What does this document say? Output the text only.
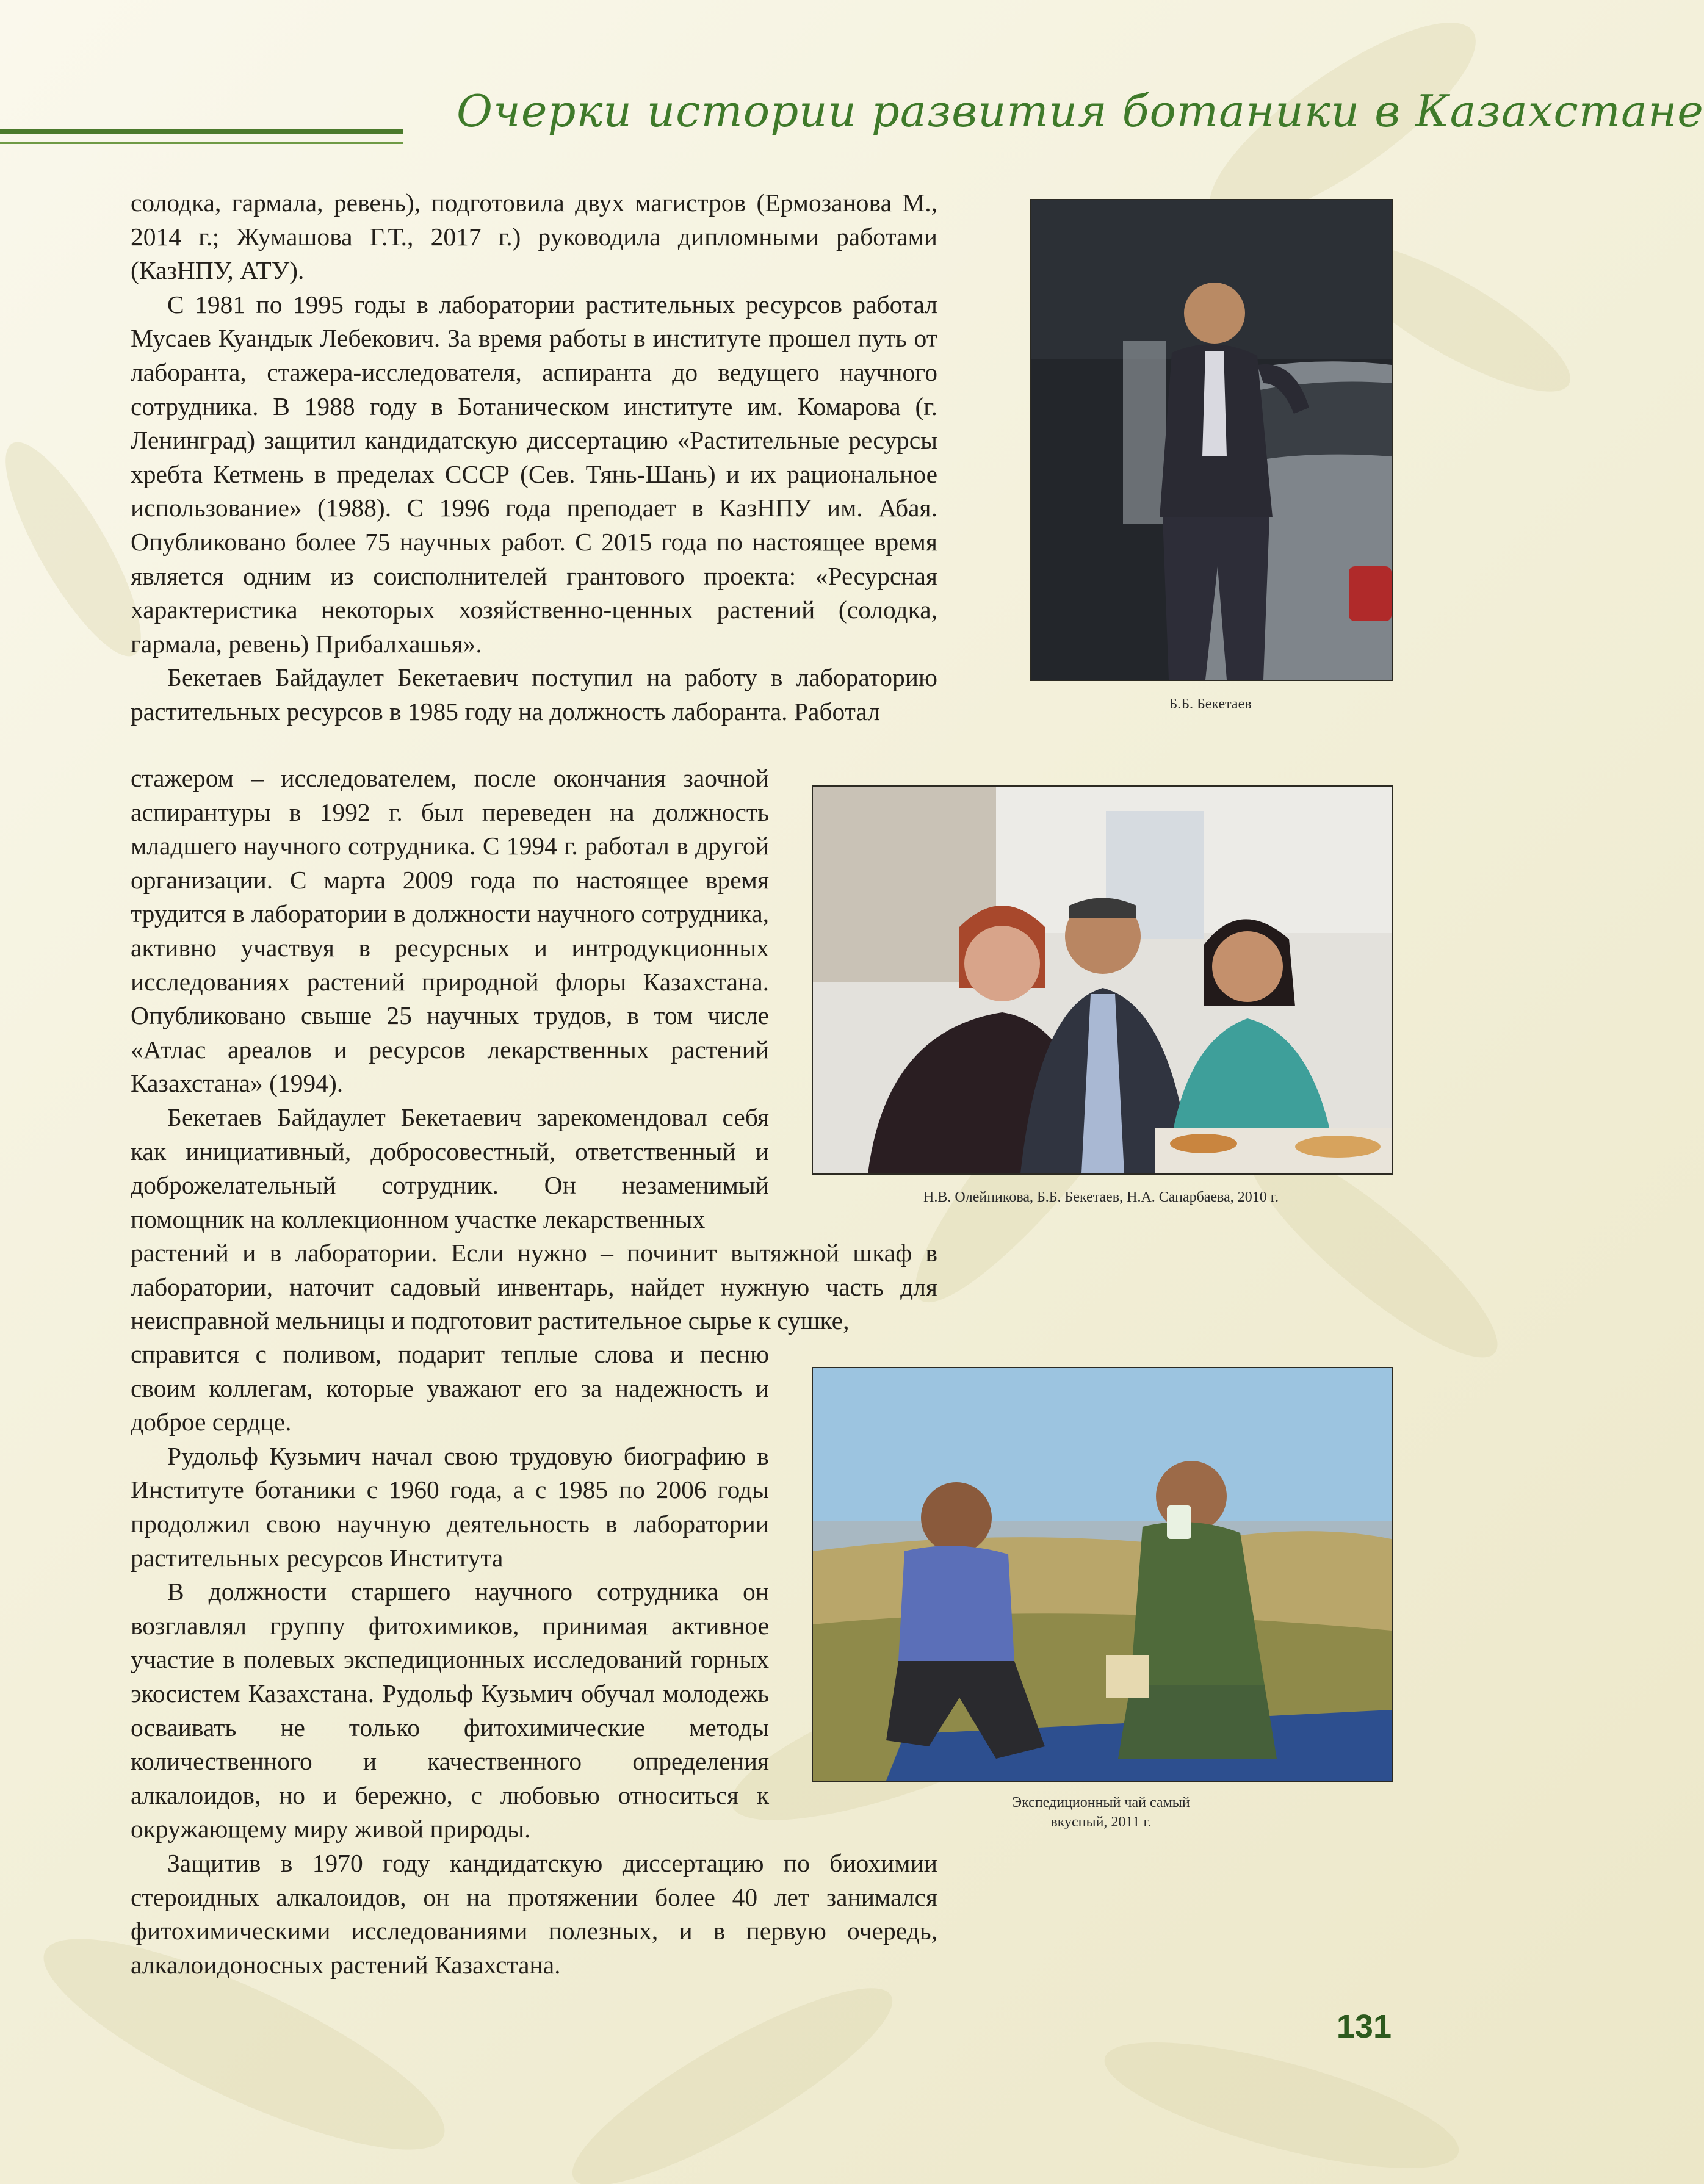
Очерки истории развития ботаники в Казахстане

солодка, гармала, ревень), подготовила двух магистров (Ермозанова М., 2014 г.; Жумашова Г.Т., 2017 г.) руководила дипломными работами (КазНПУ, АТУ).

С 1981 по 1995 годы в лаборатории растительных ресурсов работал Мусаев Куандык Лебекович. За время работы в институте прошел путь от лаборанта, стажера-исследователя, аспиранта до ведущего научного сотрудника. В 1988 году в Ботаническом институте им. Комарова (г. Ленинград) защитил кандидатскую диссертацию «Растительные ресурсы хребта Кетмень в пределах СССР (Сев. Тянь-Шань) и их рациональное использование» (1988). С 1996 года преподает в КазНПУ им. Абая. Опубликовано более 75 научных работ. С 2015 года по настоящее время является одним из соисполнителей грантового проекта: «Ресурсная характеристика некоторых хозяйственно-ценных растений (солодка, гармала, ревень) Прибалхашья».

Бекетаев Байдаулет Бекетаевич поступил на работу в лабораторию растительных ресурсов в 1985 году на должность лаборанта. Работал

стажером – исследователем, после окончания заочной аспирантуры в 1992 г. был переведен на должность младшего научного сотрудника. С 1994 г. работал в другой организации. С марта 2009 года по настоящее время трудится в лаборатории в должности научного сотрудника, активно участвуя в ресурсных и интродукционных исследованиях растений природной флоры Казахстана. Опубликовано свыше 25 научных трудов, в том числе «Атлас ареалов и ресурсов лекарственных растений Казахстана» (1994).

Бекетаев Байдаулет Бекетаевич зарекомендовал себя как инициативный, добросовестный, ответственный и доброжелательный сотрудник. Он незаменимый помощник на коллекционном участке лекарственных

растений и в лаборатории. Если нужно – починит вытяжной шкаф в лаборатории, наточит садовый инвентарь, найдет нужную часть для неисправной мельницы и подготовит растительное сырье к сушке,

справится с поливом, подарит теплые слова и песню своим коллегам, которые уважают его за надежность и доброе сердце.

Рудольф Кузьмич начал свою трудовую биографию в Институте ботаники с 1960 года, а с 1985 по 2006 годы продолжил свою научную деятельность в лаборатории растительных ресурсов Института

В должности старшего научного сотрудника он возглавлял группу фитохимиков, принимая активное участие в полевых экспедиционных исследований горных экосистем Казахстана. Рудольф Кузьмич обучал молодежь осваивать не только фитохимические методы количественного и качественного определения алкалоидов, но и бережно, с любовью относиться к окружающему миру живой природы.

Защитив в 1970 году кандидатскую диссертацию по биохимии стероидных алкалоидов, он на протяжении более 40 лет занимался фитохимическими исследованиями полезных, и в первую очередь, алкалоидоносных растений Казахстана.

Б.Б. Бекетаев
Н.В. Олейникова, Б.Б. Бекетаев, Н.А. Сапарбаева, 2010 г.
Экспедиционный чай самый
вкусный, 2011 г.
131
